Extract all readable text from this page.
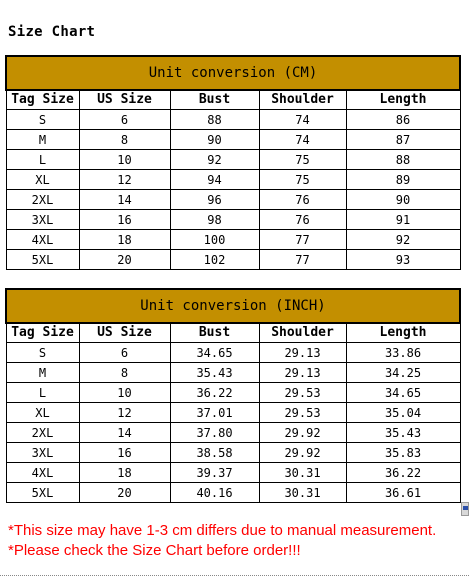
Size Chart
Unit conversion (CM)				
Tag Size	US Size	Bust	Shoulder	Length
S	6	88	74	86
M	8	90	74	87
L	10	92	75	88
XL	12	94	75	89
2XL	14	96	76	90
3XL	16	98	76	91
4XL	18	100	77	92
5XL	20	102	77	93
Unit conversion (INCH)				
Tag Size	US Size	Bust	Shoulder	Length
S	6	34.65	29.13	33.86
M	8	35.43	29.13	34.25
L	10	36.22	29.53	34.65
XL	12	37.01	29.53	35.04
2XL	14	37.80	29.92	35.43
3XL	16	38.58	29.92	35.83
4XL	18	39.37	30.31	36.22
5XL	20	40.16	30.31	36.61
*This size may have 1-3 cm differs due to manual measurement.
*Please check the Size Chart before order!!!
